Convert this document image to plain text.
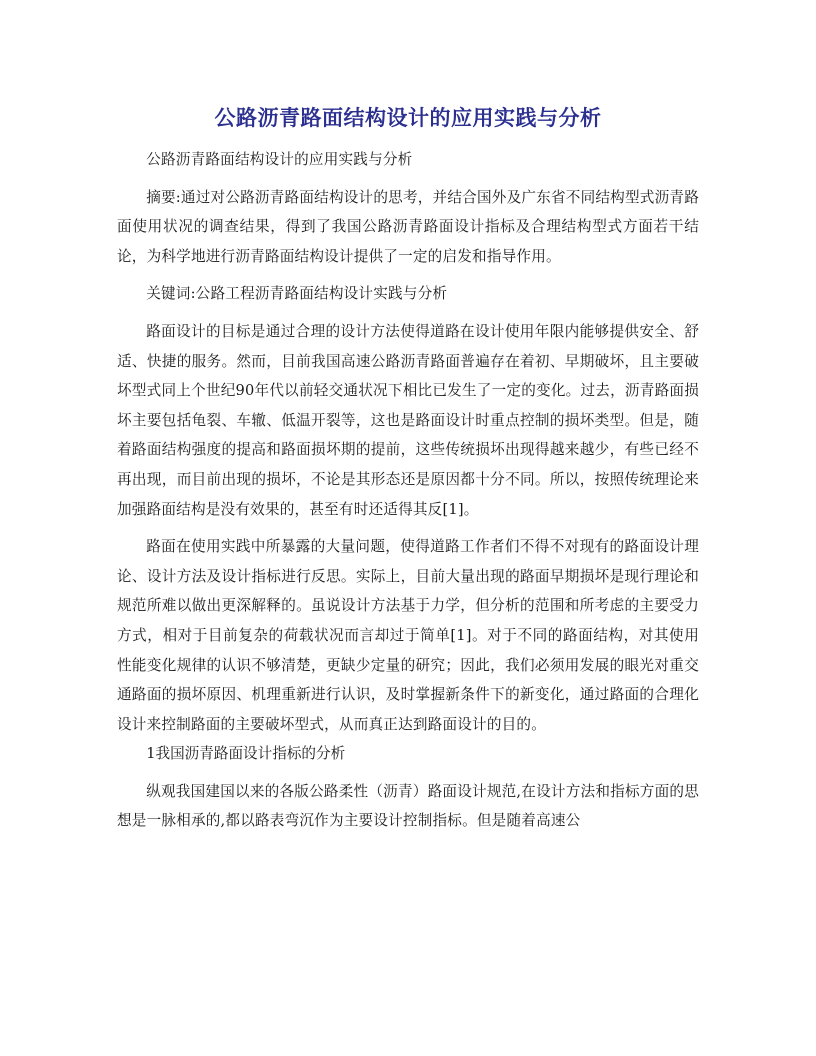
公路沥青路面结构设计的应用实践与分析

公路沥青路面结构设计的应用实践与分析

摘要:通过对公路沥青路面结构设计的思考，并结合国外及广东省不同结构型式沥青路面使用状况的调查结果，得到了我国公路沥青路面设计指标及合理结构型式方面若干结论，为科学地进行沥青路面结构设计提供了一定的启发和指导作用。

关键词:公路工程沥青路面结构设计实践与分析

路面设计的目标是通过合理的设计方法使得道路在设计使用年限内能够提供安全、舒适、快捷的服务。然而，目前我国高速公路沥青路面普遍存在着初、早期破坏，且主要破坏型式同上个世纪90年代以前轻交通状况下相比已发生了一定的变化。过去，沥青路面损坏主要包括龟裂、车辙、低温开裂等，这也是路面设计时重点控制的损坏类型。但是，随着路面结构强度的提高和路面损坏期的提前，这些传统损坏出现得越来越少，有些已经不再出现，而目前出现的损坏，不论是其形态还是原因都十分不同。所以，按照传统理论来加强路面结构是没有效果的，甚至有时还适得其反[1]。

路面在使用实践中所暴露的大量问题，使得道路工作者们不得不对现有的路面设计理论、设计方法及设计指标进行反思。实际上，目前大量出现的路面早期损坏是现行理论和规范所难以做出更深解释的。虽说设计方法基于力学，但分析的范围和所考虑的主要受力方式，相对于目前复杂的荷载状况而言却过于简单[1]。对于不同的路面结构，对其使用性能变化规律的认识不够清楚，更缺少定量的研究；因此，我们必须用发展的眼光对重交通路面的损坏原因、机理重新进行认识，及时掌握新条件下的新变化，通过路面的合理化设计来控制路面的主要破坏型式，从而真正达到路面设计的目的。

1我国沥青路面设计指标的分析

纵观我国建国以来的各版公路柔性（沥青）路面设计规范,在设计方法和指标方面的思想是一脉相承的,都以路表弯沉作为主要设计控制指标。但是随着高速公
